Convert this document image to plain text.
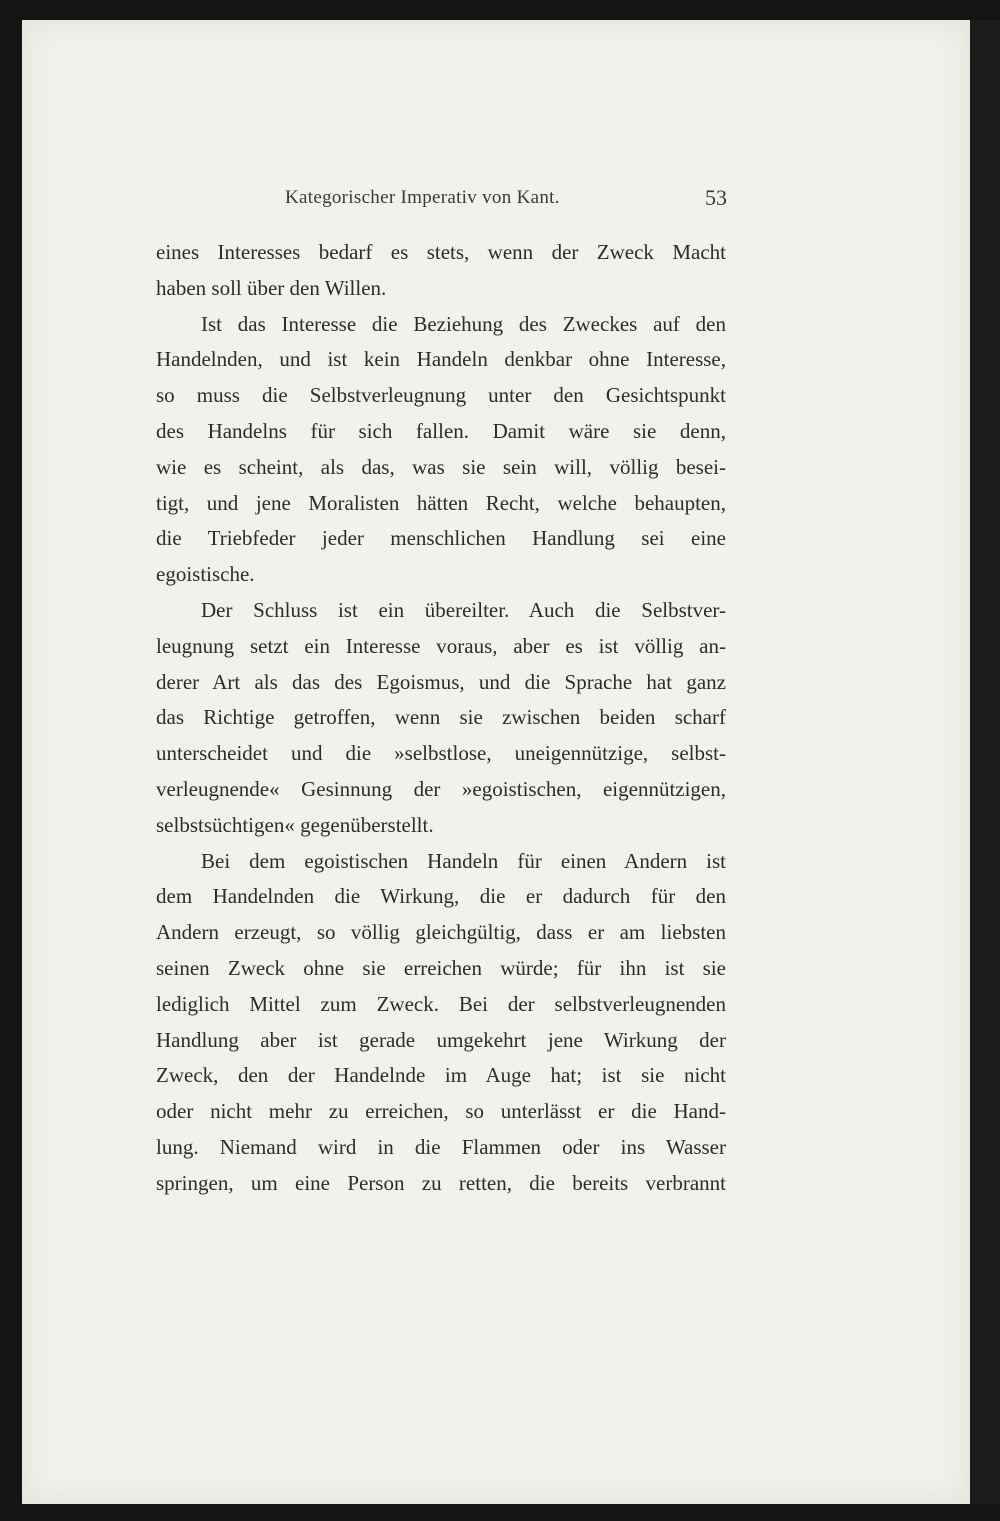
Kategorischer Imperativ von Kant.	53
eines Interesses bedarf es stets, wenn der Zweck Macht
haben soll über den Willen.
Ist das Interesse die Beziehung des Zweckes auf den
Handelnden, und ist kein Handeln denkbar ohne Interesse,
so muss die Selbstverleugnung unter den Gesichtspunkt
des Handelns für sich fallen. Damit wäre sie denn,
wie es scheint, als das, was sie sein will, völlig besei-
tigt, und jene Moralisten hätten Recht, welche behaupten,
die Triebfeder jeder menschlichen Handlung sei eine
egoistische.
Der Schluss ist ein übereilter. Auch die Selbstver-
leugnung setzt ein Interesse voraus, aber es ist völlig an-
derer Art als das des Egoismus, und die Sprache hat ganz
das Richtige getroffen, wenn sie zwischen beiden scharf
unterscheidet und die »selbstlose, uneigennützige, selbst-
verleugnende« Gesinnung der »egoistischen, eigennützigen,
selbstsüchtigen« gegenüberstellt.
Bei dem egoistischen Handeln für einen Andern ist
dem Handelnden die Wirkung, die er dadurch für den
Andern erzeugt, so völlig gleichgültig, dass er am liebsten
seinen Zweck ohne sie erreichen würde; für ihn ist sie
lediglich Mittel zum Zweck. Bei der selbstverleugnenden
Handlung aber ist gerade umgekehrt jene Wirkung der
Zweck, den der Handelnde im Auge hat; ist sie nicht
oder nicht mehr zu erreichen, so unterlässt er die Hand-
lung. Niemand wird in die Flammen oder ins Wasser
springen, um eine Person zu retten, die bereits verbrannt
